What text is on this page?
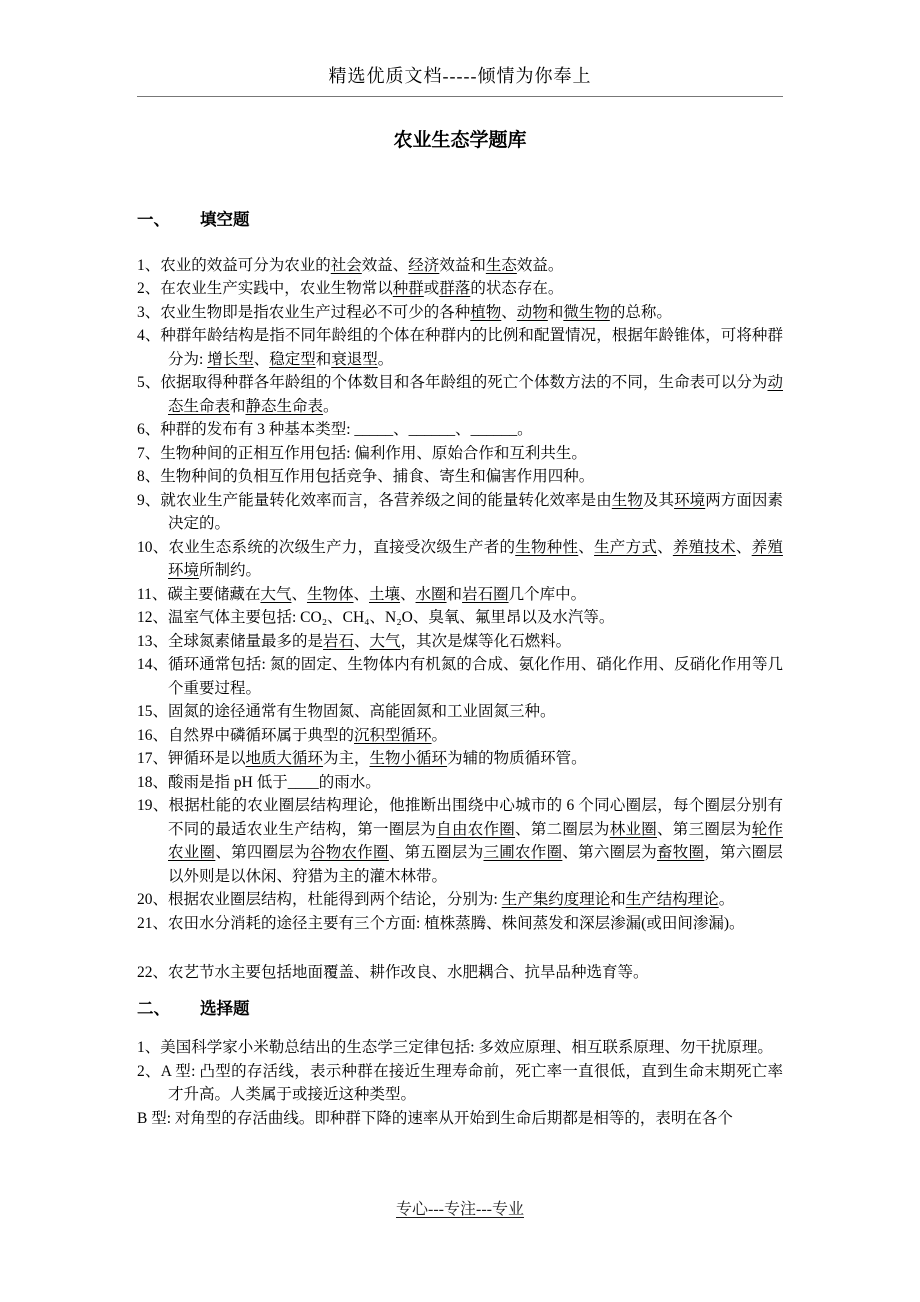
精选优质文档-----倾情为你奉上
农业生态学题库
一、 填空题

1、农业的效益可分为农业的社会效益、经济效益和生态效益。

2、在农业生产实践中，农业生物常以种群或群落的状态存在。

3、农业生物即是指农业生产过程必不可少的各种植物、动物和微生物的总称。

4、种群年龄结构是指不同年龄组的个体在种群内的比例和配置情况，根据年龄锥体，可将种群分为: 增长型、稳定型和衰退型。

5、依据取得种群各年龄组的个体数目和各年龄组的死亡个体数方法的不同，生命表可以分为动态生命表和静态生命表。

6、种群的发布有 3 种基本类型: _____、______、______。

7、生物种间的正相互作用包括: 偏利作用、原始合作和互利共生。

8、生物种间的负相互作用包括竞争、捕食、寄生和偏害作用四种。

9、就农业生产能量转化效率而言，各营养级之间的能量转化效率是由生物及其环境两方面因素决定的。

10、农业生态系统的次级生产力，直接受次级生产者的生物种性、生产方式、养殖技术、养殖环境所制约。

11、碳主要储藏在大气、生物体、土壤、水圈和岩石圈几个库中。

12、温室气体主要包括: CO₂、CH₄、N₂O、臭氧、氟里昂以及水汽等。

13、全球氮素储量最多的是岩石、大气，其次是煤等化石燃料。

14、循环通常包括: 氮的固定、生物体内有机氮的合成、氨化作用、硝化作用、反硝化作用等几个重要过程。

15、固氮的途径通常有生物固氮、高能固氮和工业固氮三种。

16、自然界中磷循环属于典型的沉积型循环。

17、钾循环是以地质大循环为主，生物小循环为辅的物质循环管。

18、酸雨是指 pH 低于____的雨水。

19、根据杜能的农业圈层结构理论，他推断出围绕中心城市的 6 个同心圈层，每个圈层分别有不同的最适农业生产结构，第一圈层为自由农作圈、第二圈层为林业圈、第三圈层为轮作农业圈、第四圈层为谷物农作圈、第五圈层为三圃农作圈、第六圈层为畜牧圈，第六圈层以外则是以休闲、狩猎为主的灌木林带。

20、根据农业圈层结构，杜能得到两个结论，分别为: 生产集约度理论和生产结构理论。

21、农田水分消耗的途径主要有三个方面: 植株蒸腾、株间蒸发和深层渗漏(或田间渗漏)。

22、农艺节水主要包括地面覆盖、耕作改良、水肥耦合、抗旱品种选育等。

二、 选择题

1、美国科学家小米勒总结出的生态学三定律包括: 多效应原理、相互联系原理、勿干扰原理。

2、A 型: 凸型的存活线，表示种群在接近生理寿命前，死亡率一直很低，直到生命末期死亡率才升高。人类属于或接近这种类型。

B 型: 对角型的存活曲线。即种群下降的速率从开始到生命后期都是相等的，表明在各个

专心---专注---专业
